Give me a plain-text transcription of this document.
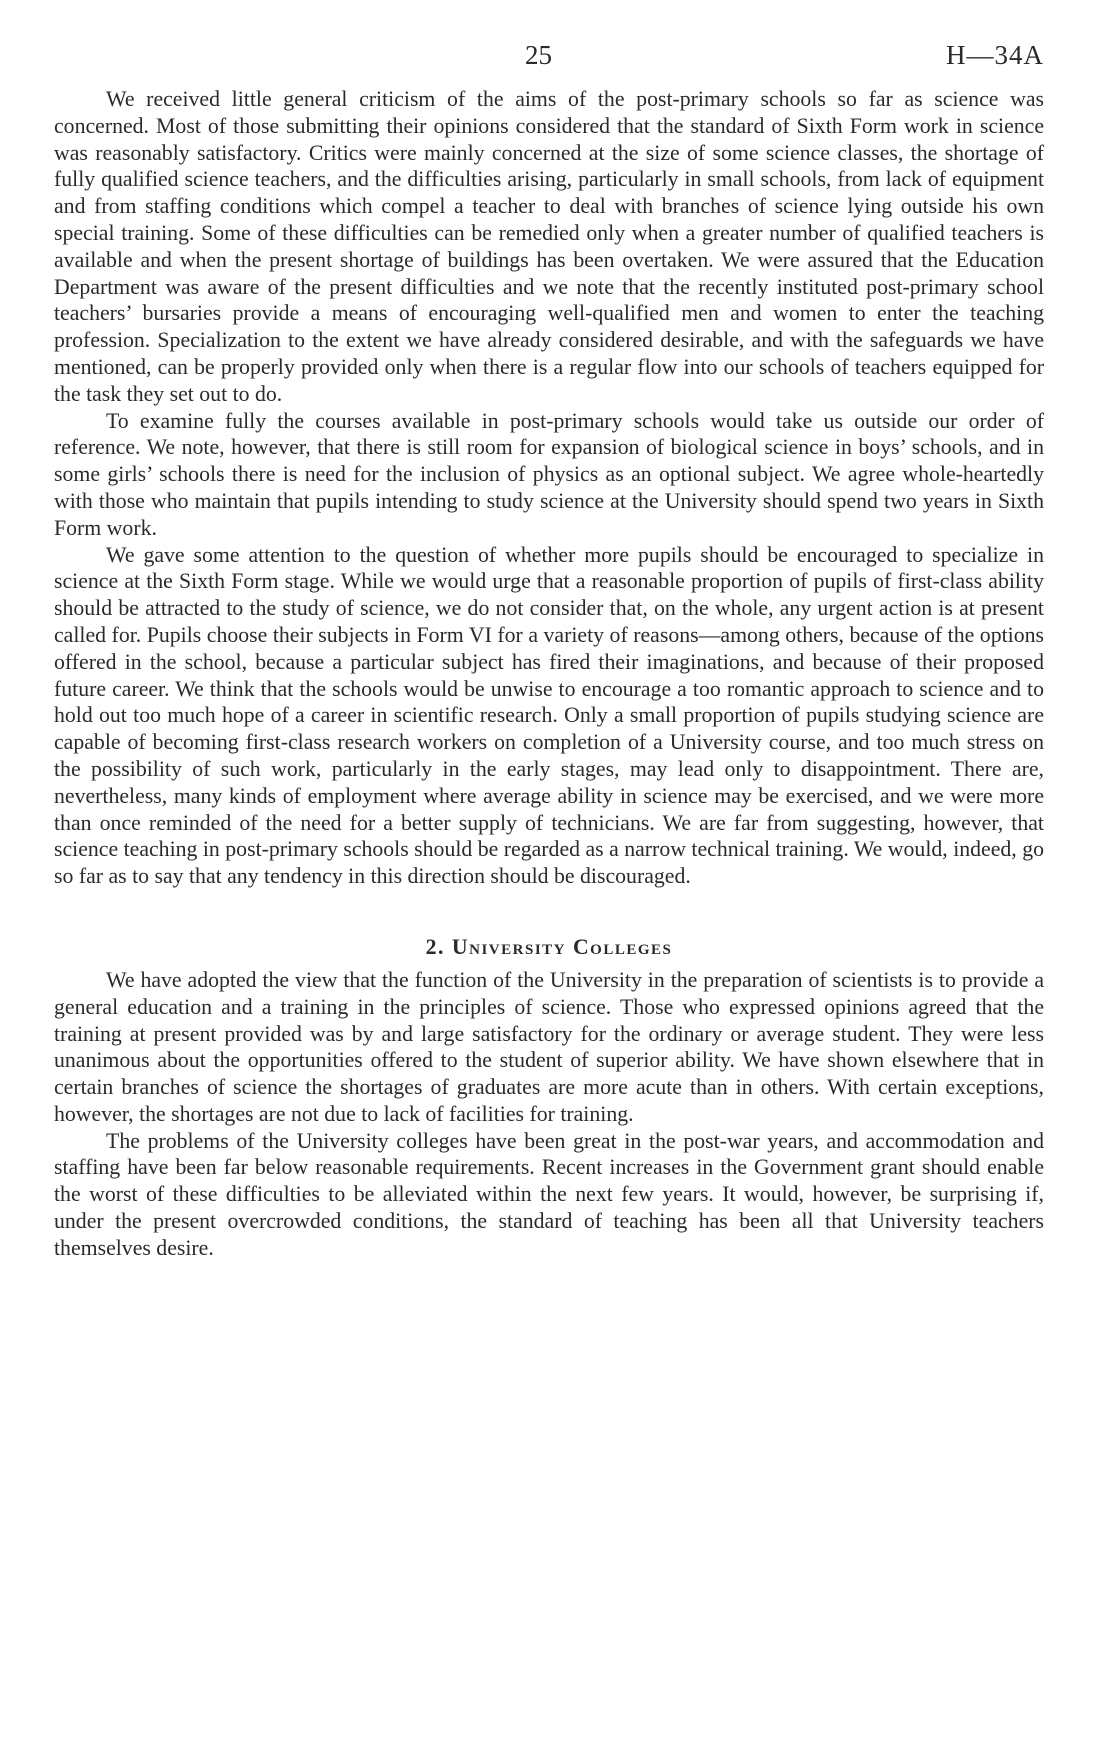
25	H—34A

We received little general criticism of the aims of the post-primary schools so far as science was concerned. Most of those submitting their opinions considered that the standard of Sixth Form work in science was reasonably satisfactory. Critics were mainly concerned at the size of some science classes, the shortage of fully qualified science teachers, and the difficulties arising, particularly in small schools, from lack of equipment and from staffing conditions which compel a teacher to deal with branches of science lying outside his own special training. Some of these difficulties can be remedied only when a greater number of qualified teachers is available and when the present shortage of buildings has been overtaken. We were assured that the Education Department was aware of the present difficulties and we note that the recently instituted post-primary school teachers’ bursaries provide a means of encouraging well-qualified men and women to enter the teaching profession. Specialization to the extent we have already considered desirable, and with the safeguards we have mentioned, can be properly provided only when there is a regular flow into our schools of teachers equipped for the task they set out to do.

To examine fully the courses available in post-primary schools would take us outside our order of reference. We note, however, that there is still room for expansion of biological science in boys’ schools, and in some girls’ schools there is need for the inclusion of physics as an optional subject. We agree whole-heartedly with those who maintain that pupils intending to study science at the University should spend two years in Sixth Form work.

We gave some attention to the question of whether more pupils should be encouraged to specialize in science at the Sixth Form stage. While we would urge that a reasonable proportion of pupils of first-class ability should be attracted to the study of science, we do not consider that, on the whole, any urgent action is at present called for. Pupils choose their subjects in Form VI for a variety of reasons—among others, because of the options offered in the school, because a particular subject has fired their imaginations, and because of their proposed future career. We think that the schools would be unwise to encourage a too romantic approach to science and to hold out too much hope of a career in scientific research. Only a small proportion of pupils studying science are capable of becoming first-class research workers on completion of a University course, and too much stress on the possibility of such work, particularly in the early stages, may lead only to disappointment. There are, nevertheless, many kinds of employment where average ability in science may be exercised, and we were more than once reminded of the need for a better supply of technicians. We are far from suggesting, however, that science teaching in post-primary schools should be regarded as a narrow technical training. We would, indeed, go so far as to say that any tendency in this direction should be discouraged.

2. University Colleges

We have adopted the view that the function of the University in the preparation of scientists is to provide a general education and a training in the principles of science. Those who expressed opinions agreed that the training at present provided was by and large satisfactory for the ordinary or average student. They were less unanimous about the opportunities offered to the student of superior ability. We have shown elsewhere that in certain branches of science the shortages of graduates are more acute than in others. With certain exceptions, however, the shortages are not due to lack of facilities for training.

The problems of the University colleges have been great in the post-war years, and accommodation and staffing have been far below reasonable requirements. Recent increases in the Government grant should enable the worst of these difficulties to be alleviated within the next few years. It would, however, be surprising if, under the present overcrowded conditions, the standard of teaching has been all that University teachers themselves desire.
